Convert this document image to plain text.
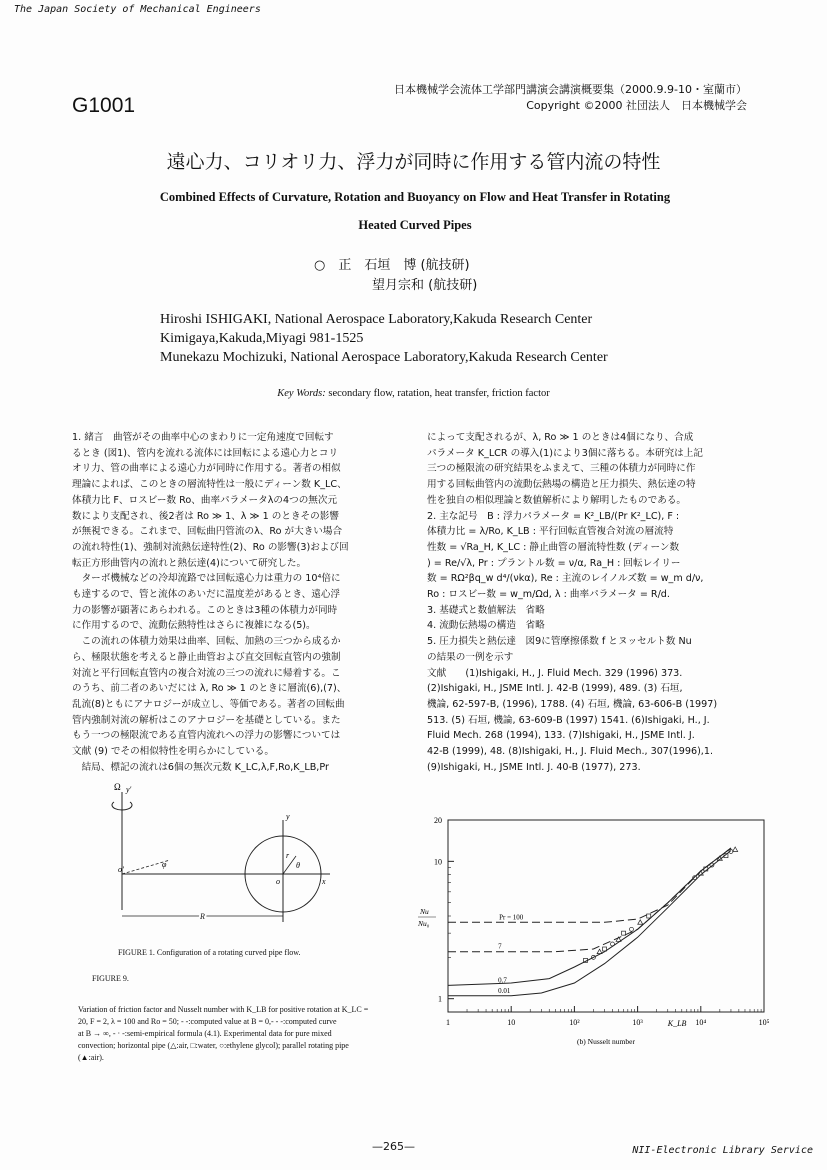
The Japan Society of Mechanical Engineers
G1001
日本機械学会流体工学部門講演会講演概要集（2000.9.9-10・室蘭市）
Copyright ©2000 社団法人　日本機械学会
遠心力、コリオリ力、浮力が同時に作用する管内流の特性
Combined Effects of Curvature, Rotation and Buoyancy on Flow and Heat Transfer in Rotating
Heated Curved Pipes
○　正　石垣　博 (航技研)
望月宗和 (航技研)
Hiroshi ISHIGAKI, National Aerospace Laboratory,Kakuda Research Center
Kimigaya,Kakuda,Miyagi 981-1525
Munekazu Mochizuki, National Aerospace Laboratory,Kakuda Research Center
Key Words: secondary flow, ratation, heat transfer, friction factor

1. 緒言　曲管がその曲率中心のまわりに一定角速度で回転す

るとき (図1)、管内を流れる流体には回転による遠心力とコリ

オリ力、管の曲率による遠心力が同時に作用する。著者の相似

理論によれば、このときの層流特性は一般にディーン数 K_LC、

体積力比 F、ロスビー数 Ro、曲率パラメータλの4つの無次元

数により支配され、後2者は Ro ≫ 1、λ ≫ 1 のときその影響

が無視できる。これまで、回転曲円管流のλ、Ro が大きい場合

の流れ特性(1)、強制対流熱伝達特性(2)、Ro の影響(3)および回

転正方形曲管内の流れと熱伝達(4)について研究した。

　ターボ機械などの冷却流路では回転遠心力は重力の 10⁴倍に

も達するので、管と流体のあいだに温度差があるとき、遠心浮

力の影響が顕著にあらわれる。このときは3種の体積力が同時

に作用するので、流動伝熱特性はさらに複雑になる(5)。

　この流れの体積力効果は曲率、回転、加熱の三つから成るか

ら、極限状態を考えると静止曲管および直交回転直管内の強制

対流と平行回転直管内の複合対流の三つの流れに帰着する。こ

のうち、前二者のあいだには λ, Ro ≫ 1 のときに層流(6),(7)、

乱流(8)ともにアナロジーが成立し、等価である。著者の回転曲

管内強制対流の解析はこのアナロジーを基礎としている。また

もう一つの極限流である直管内流れへの浮力の影響については

文献 (9) でその相似特性を明らかにしている。

　結局、標記の流れは6個の無次元数 K_LC,λ,F,Ro,K_LB,Pr

によって支配されるが、λ, Ro ≫ 1 のときは4個になり、合成

パラメータ K_LCR の導入(1)により3個に落ちる。本研究は上記

三つの極限流の研究結果をふまえて、三種の体積力が同時に作

用する回転曲管内の流動伝熱場の構造と圧力損失、熱伝達の特

性を独自の相似理論と数値解析により解明したものである。

2. 主な記号　B : 浮力パラメータ = K²_LB/(Pr K²_LC), F :

体積力比 = λ/Ro, K_LB : 平行回転直管複合対流の層流特

性数 = √Ra_H, K_LC : 静止曲管の層流特性数 (ディーン数

) = Re/√λ, Pr : プラントル数 = ν/α, Ra_H : 回転レイリー

数 = RΩ²βq_w d⁴/(νkα), Re : 主流のレイノルズ数 = w_m d/ν,

Ro : ロスビー数 = w_m/Ωd, λ : 曲率パラメータ = R/d.

3. 基礎式と数値解法　省略

4. 流動伝熱場の構造　省略

5. 圧力損失と熱伝達　図9に管摩擦係数 f とヌッセルト数 Nu

の結果の一例を示す

文献　　(1)Ishigaki, H., J. Fluid Mech. 329 (1996) 373.

(2)Ishigaki, H., JSME Intl. J. 42-B (1999), 489. (3) 石垣,

機論, 62-597-B, (1996), 1788. (4) 石垣, 機論, 63-606-B (1997)

513. (5) 石垣, 機論, 63-609-B (1997) 1541. (6)Ishigaki, H., J.

Fluid Mech. 268 (1994), 133. (7)Ishigaki, H., JSME Intl. J.

42-B (1999), 48. (8)Ishigaki, H., J. Fluid Mech., 307(1996),1.

(9)Ishigaki, H., JSME Intl. J. 40-B (1977), 273.

Ω y'
φ
o'
y
x
r
θ
o
R
FIGURE 1. Configuration of a rotating curved pipe flow.
FIGURE 9.
Variation of friction factor and Nusselt number with K_LB for positive rotation at K_LC =
20, F = 2, λ = 100 and Ro = 50; - -:computed value at B = 0,- - -:computed curve
at B → ∞, - · -:semi-empirical formula (4.1). Experimental data for pure mixed
convection; horizontal pipe (△:air, □:water, ○:ethylene glycol); parallel rotating pipe
(▲:air).
1	10	10²	10³	10⁴	10⁵
1
10
20
Nu
Nu₀
K_LB
(b) Nusselt number
Pr = 100
7
0.7
0.01
—265—	NII-Electronic Library Service
